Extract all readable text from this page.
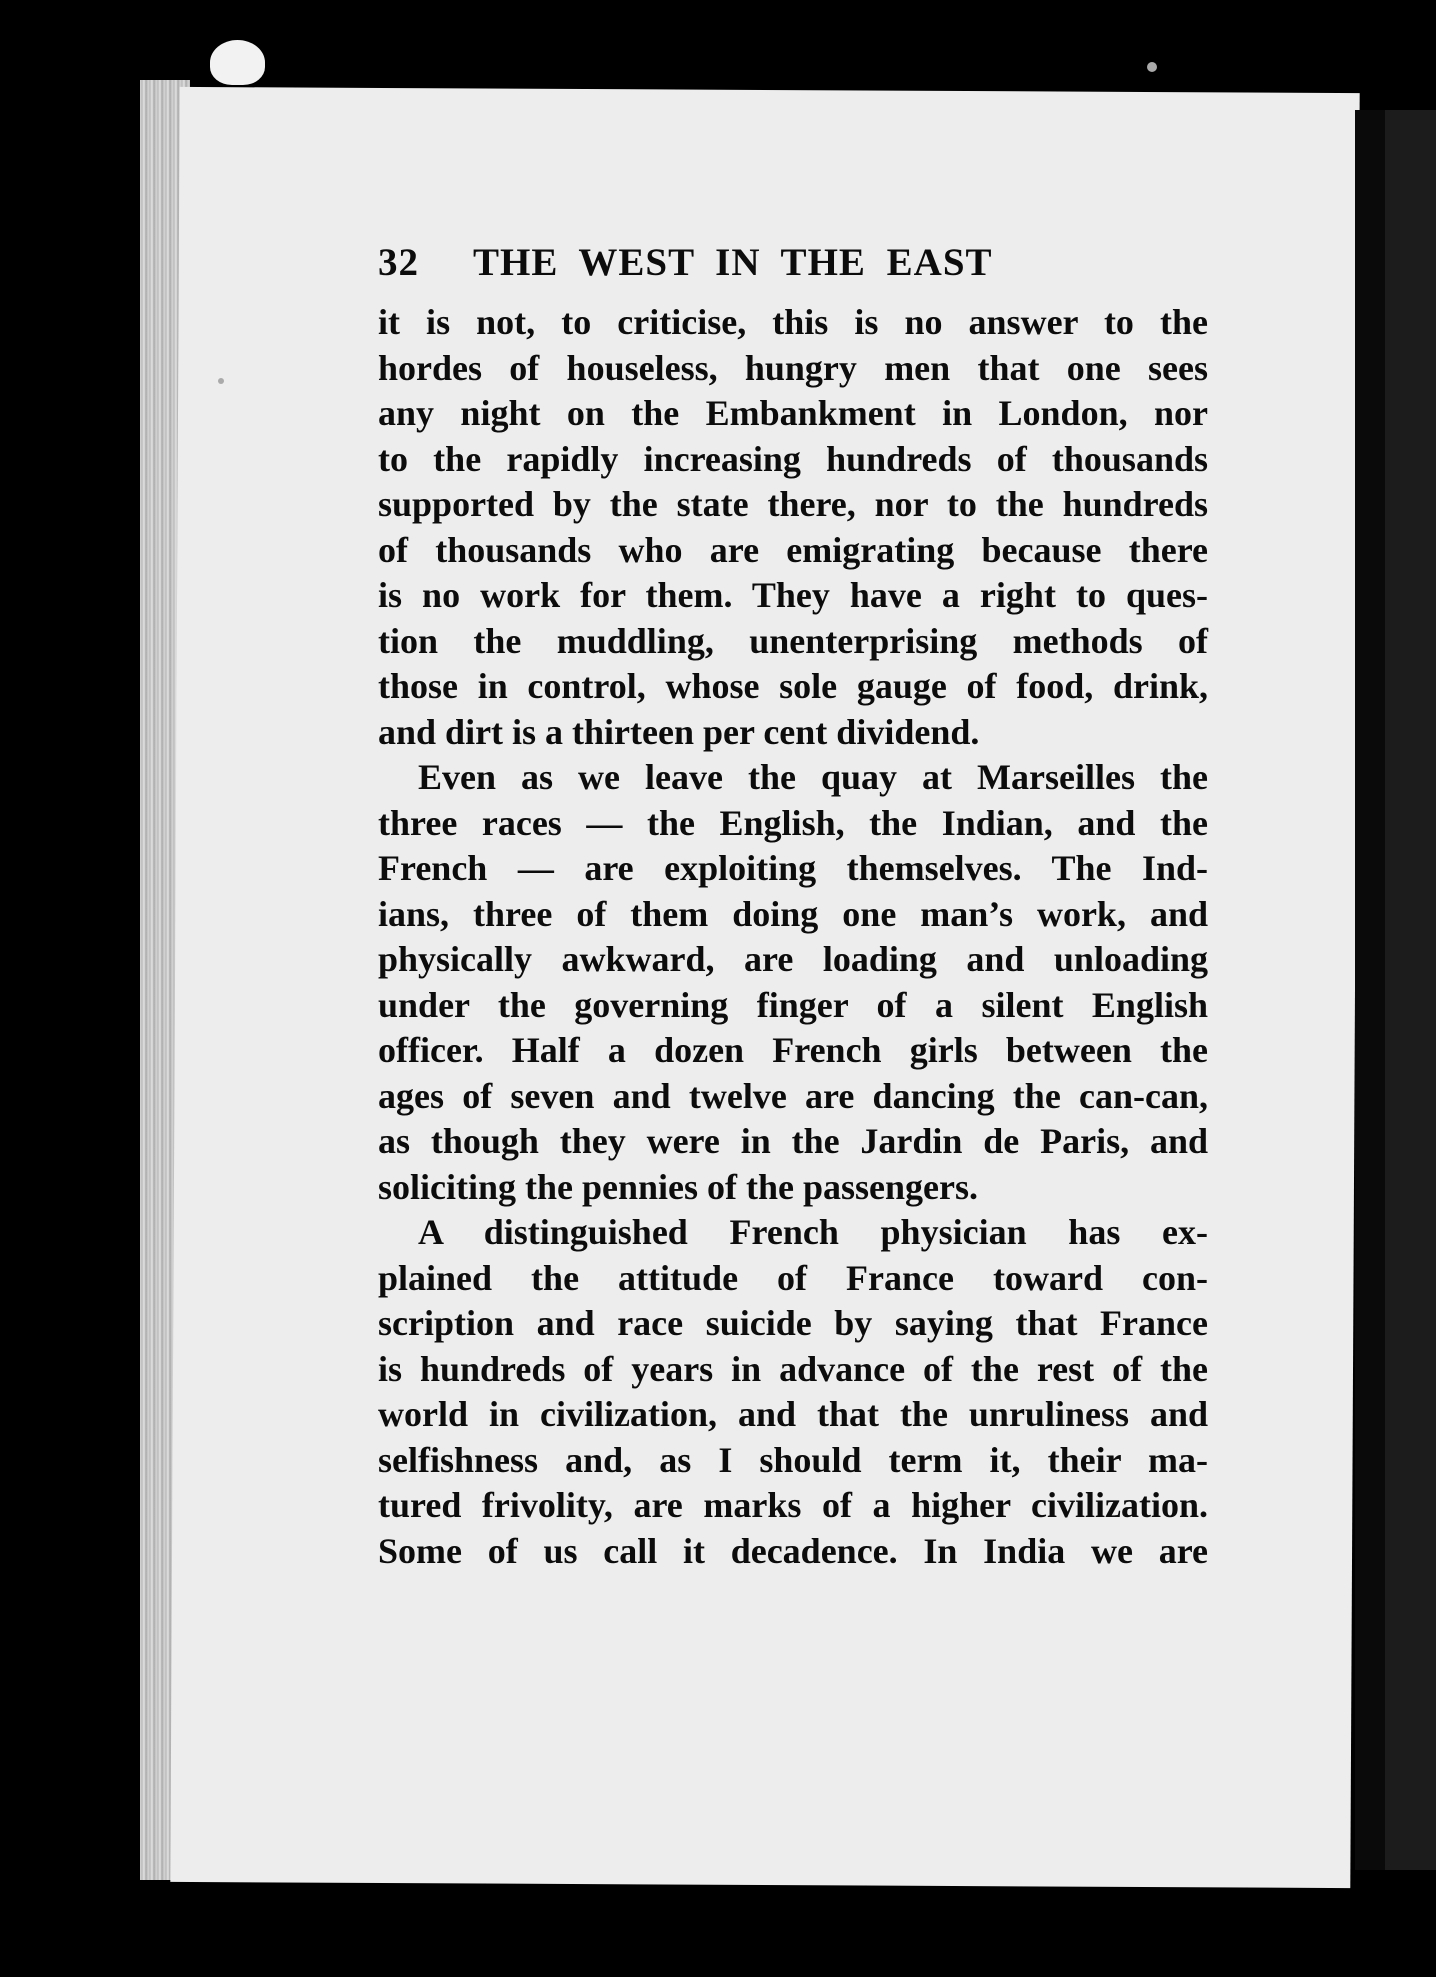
32	THE WEST IN THE EAST
it is not, to criticise, this is no answer to the
hordes of houseless, hungry men that one sees
any night on the Embankment in London, nor
to the rapidly increasing hundreds of thousands
supported by the state there, nor to the hundreds
of thousands who are emigrating because there
is no work for them. They have a right to ques-
tion the muddling, unenterprising methods of
those in control, whose sole gauge of food, drink,
and dirt is a thirteen per cent dividend.
Even as we leave the quay at Marseilles the
three races — the English, the Indian, and the
French — are exploiting themselves. The Ind-
ians, three of them doing one man’s work, and
physically awkward, are loading and unloading
under the governing finger of a silent English
officer. Half a dozen French girls between the
ages of seven and twelve are dancing the can-can,
as though they were in the Jardin de Paris, and
soliciting the pennies of the passengers.
A distinguished French physician has ex-
plained the attitude of France toward con-
scription and race suicide by saying that France
is hundreds of years in advance of the rest of the
world in civilization, and that the unruliness and
selfishness and, as I should term it, their ma-
tured frivolity, are marks of a higher civilization.
Some of us call it decadence. In India we are
